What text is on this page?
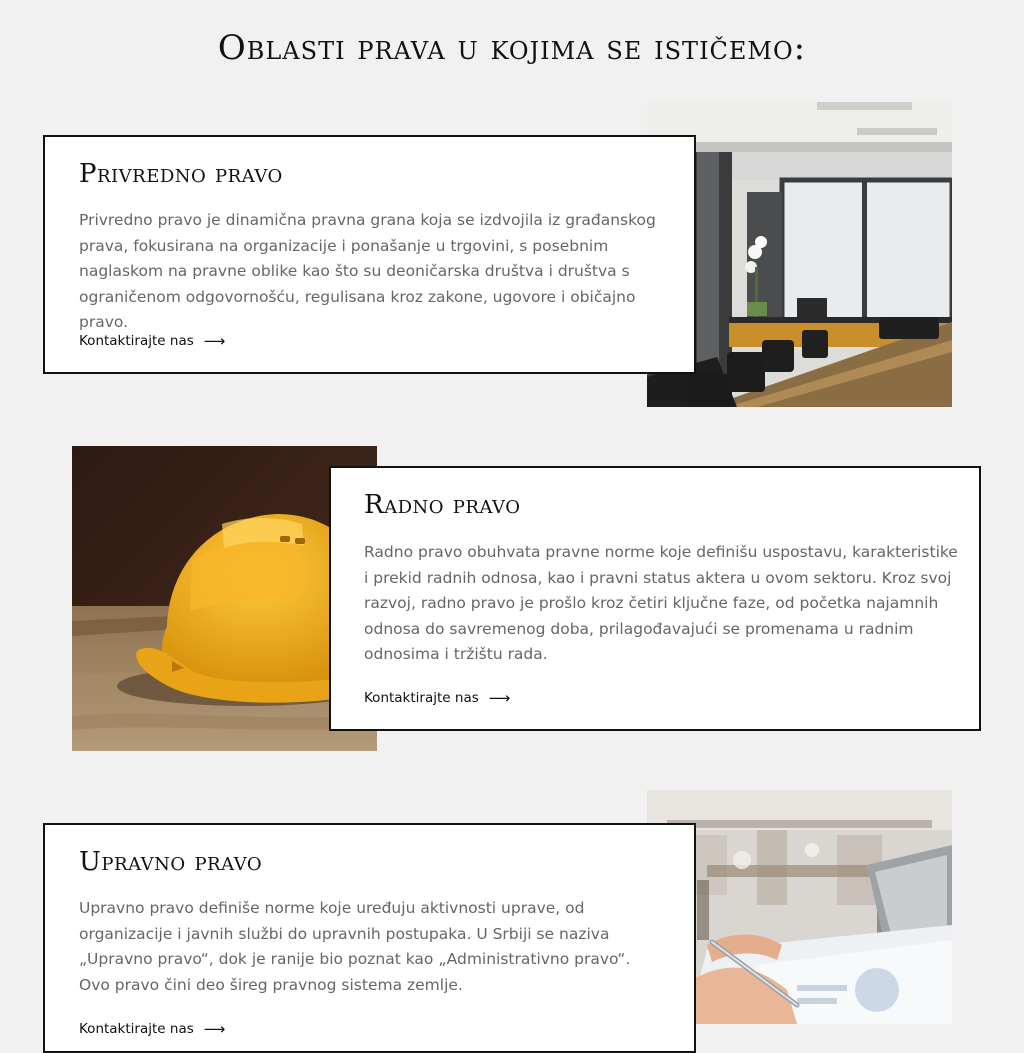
Oblasti prava u kojima se ističemo:
Privredno pravo

Privredno pravo je dinamična pravna grana koja se izdvojila iz građanskog prava, fokusirana na organizacije i ponašanje u trgovini, s posebnim naglaskom na pravne oblike kao što su deoničarska društva i društva s ograničenom odgovornošću, regulisana kroz zakone, ugovore i običajno pravo.

Kontaktirajte nas ⟶
Radno pravo

Radno pravo obuhvata pravne norme koje definišu uspostavu, karakteristike i prekid radnih odnosa, kao i pravni status aktera u ovom sektoru. Kroz svoj razvoj, radno pravo je prošlo kroz četiri ključne faze, od početka najamnih odnosa do savremenog doba, prilagođavajući se promenama u radnim odnosima i tržištu rada.

Kontaktirajte nas ⟶
Upravno pravo

Upravno pravo definiše norme koje uređuju aktivnosti uprave, od organizacije i javnih službi do upravnih postupaka. U Srbiji se naziva „Upravno pravo“, dok je ranije bio poznat kao „Administrativno pravo“. Ovo pravo čini deo šireg pravnog sistema zemlje.

Kontaktirajte nas ⟶
